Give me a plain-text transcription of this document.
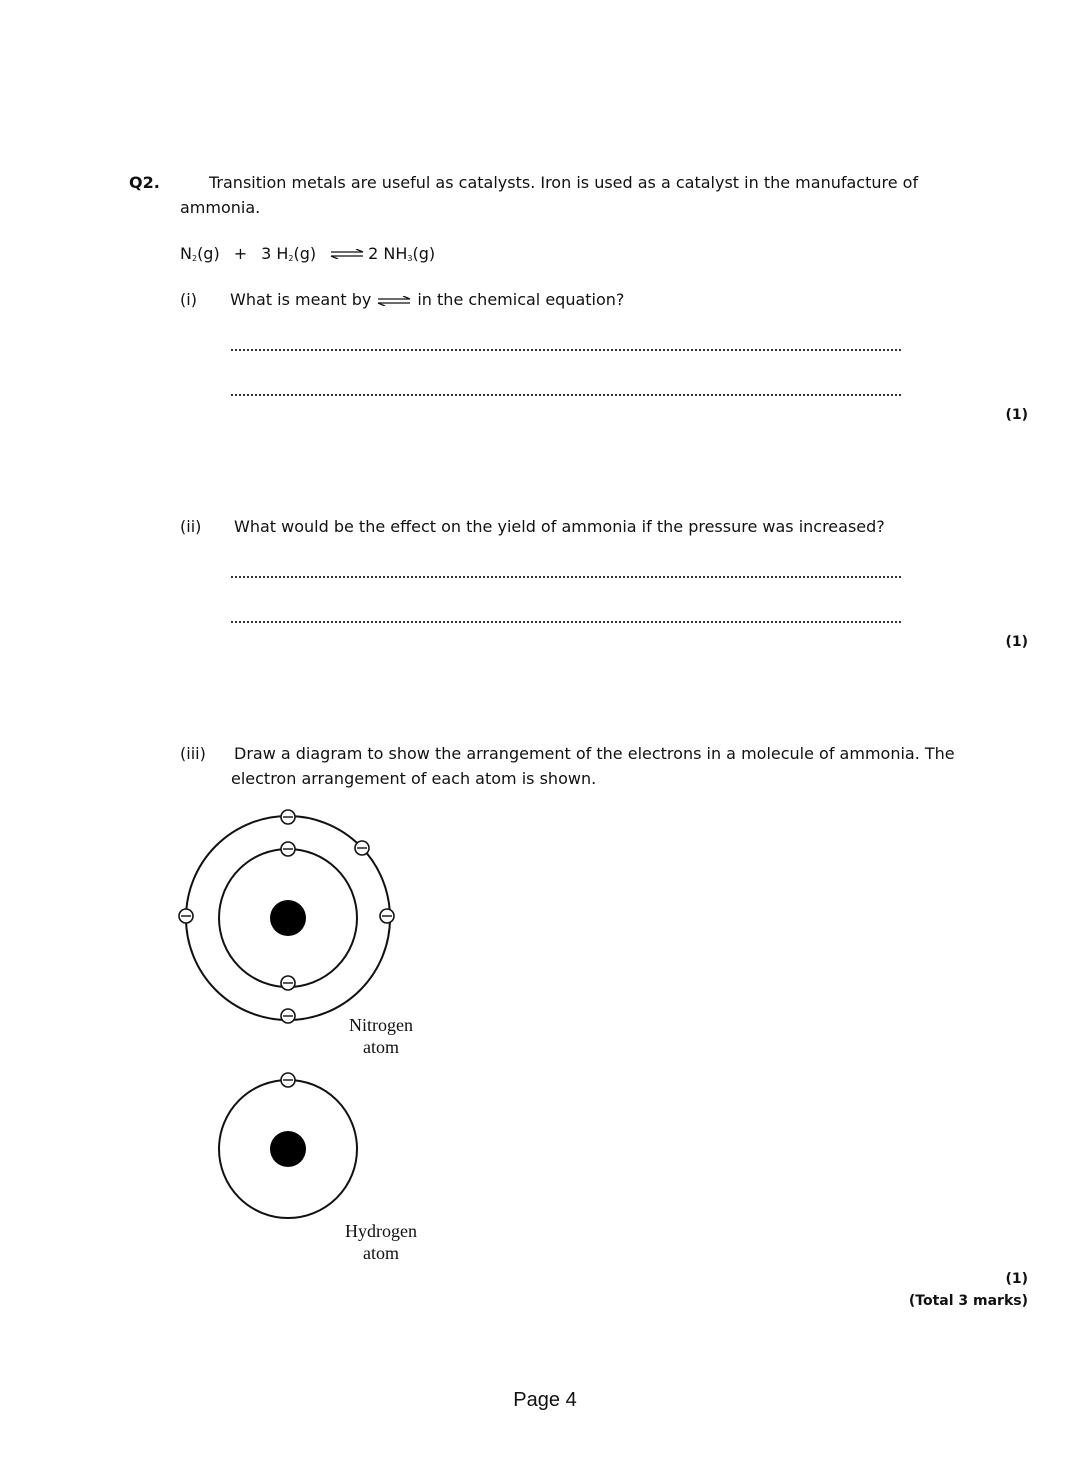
Q2.	Transition metals are useful as catalysts. Iron is used as a catalyst in the manufacture of
ammonia.
$N_2(g) + 3$ $H_2(g)$ ⇌ 2 $NH_3(g)$
(i) What is meant by ⇌ in the chemical equation?
(1)
(ii) What would be the effect on the yield of ammonia if the pressure was increased?
(1)
(iii) Draw a diagram to show the arrangement of the electrons in a molecule of ammonia. The
electron arrangement of each atom is shown.
Nitrogen
atom
Hydrogen
atom
(1)
(Total 3 marks)
Page 4
